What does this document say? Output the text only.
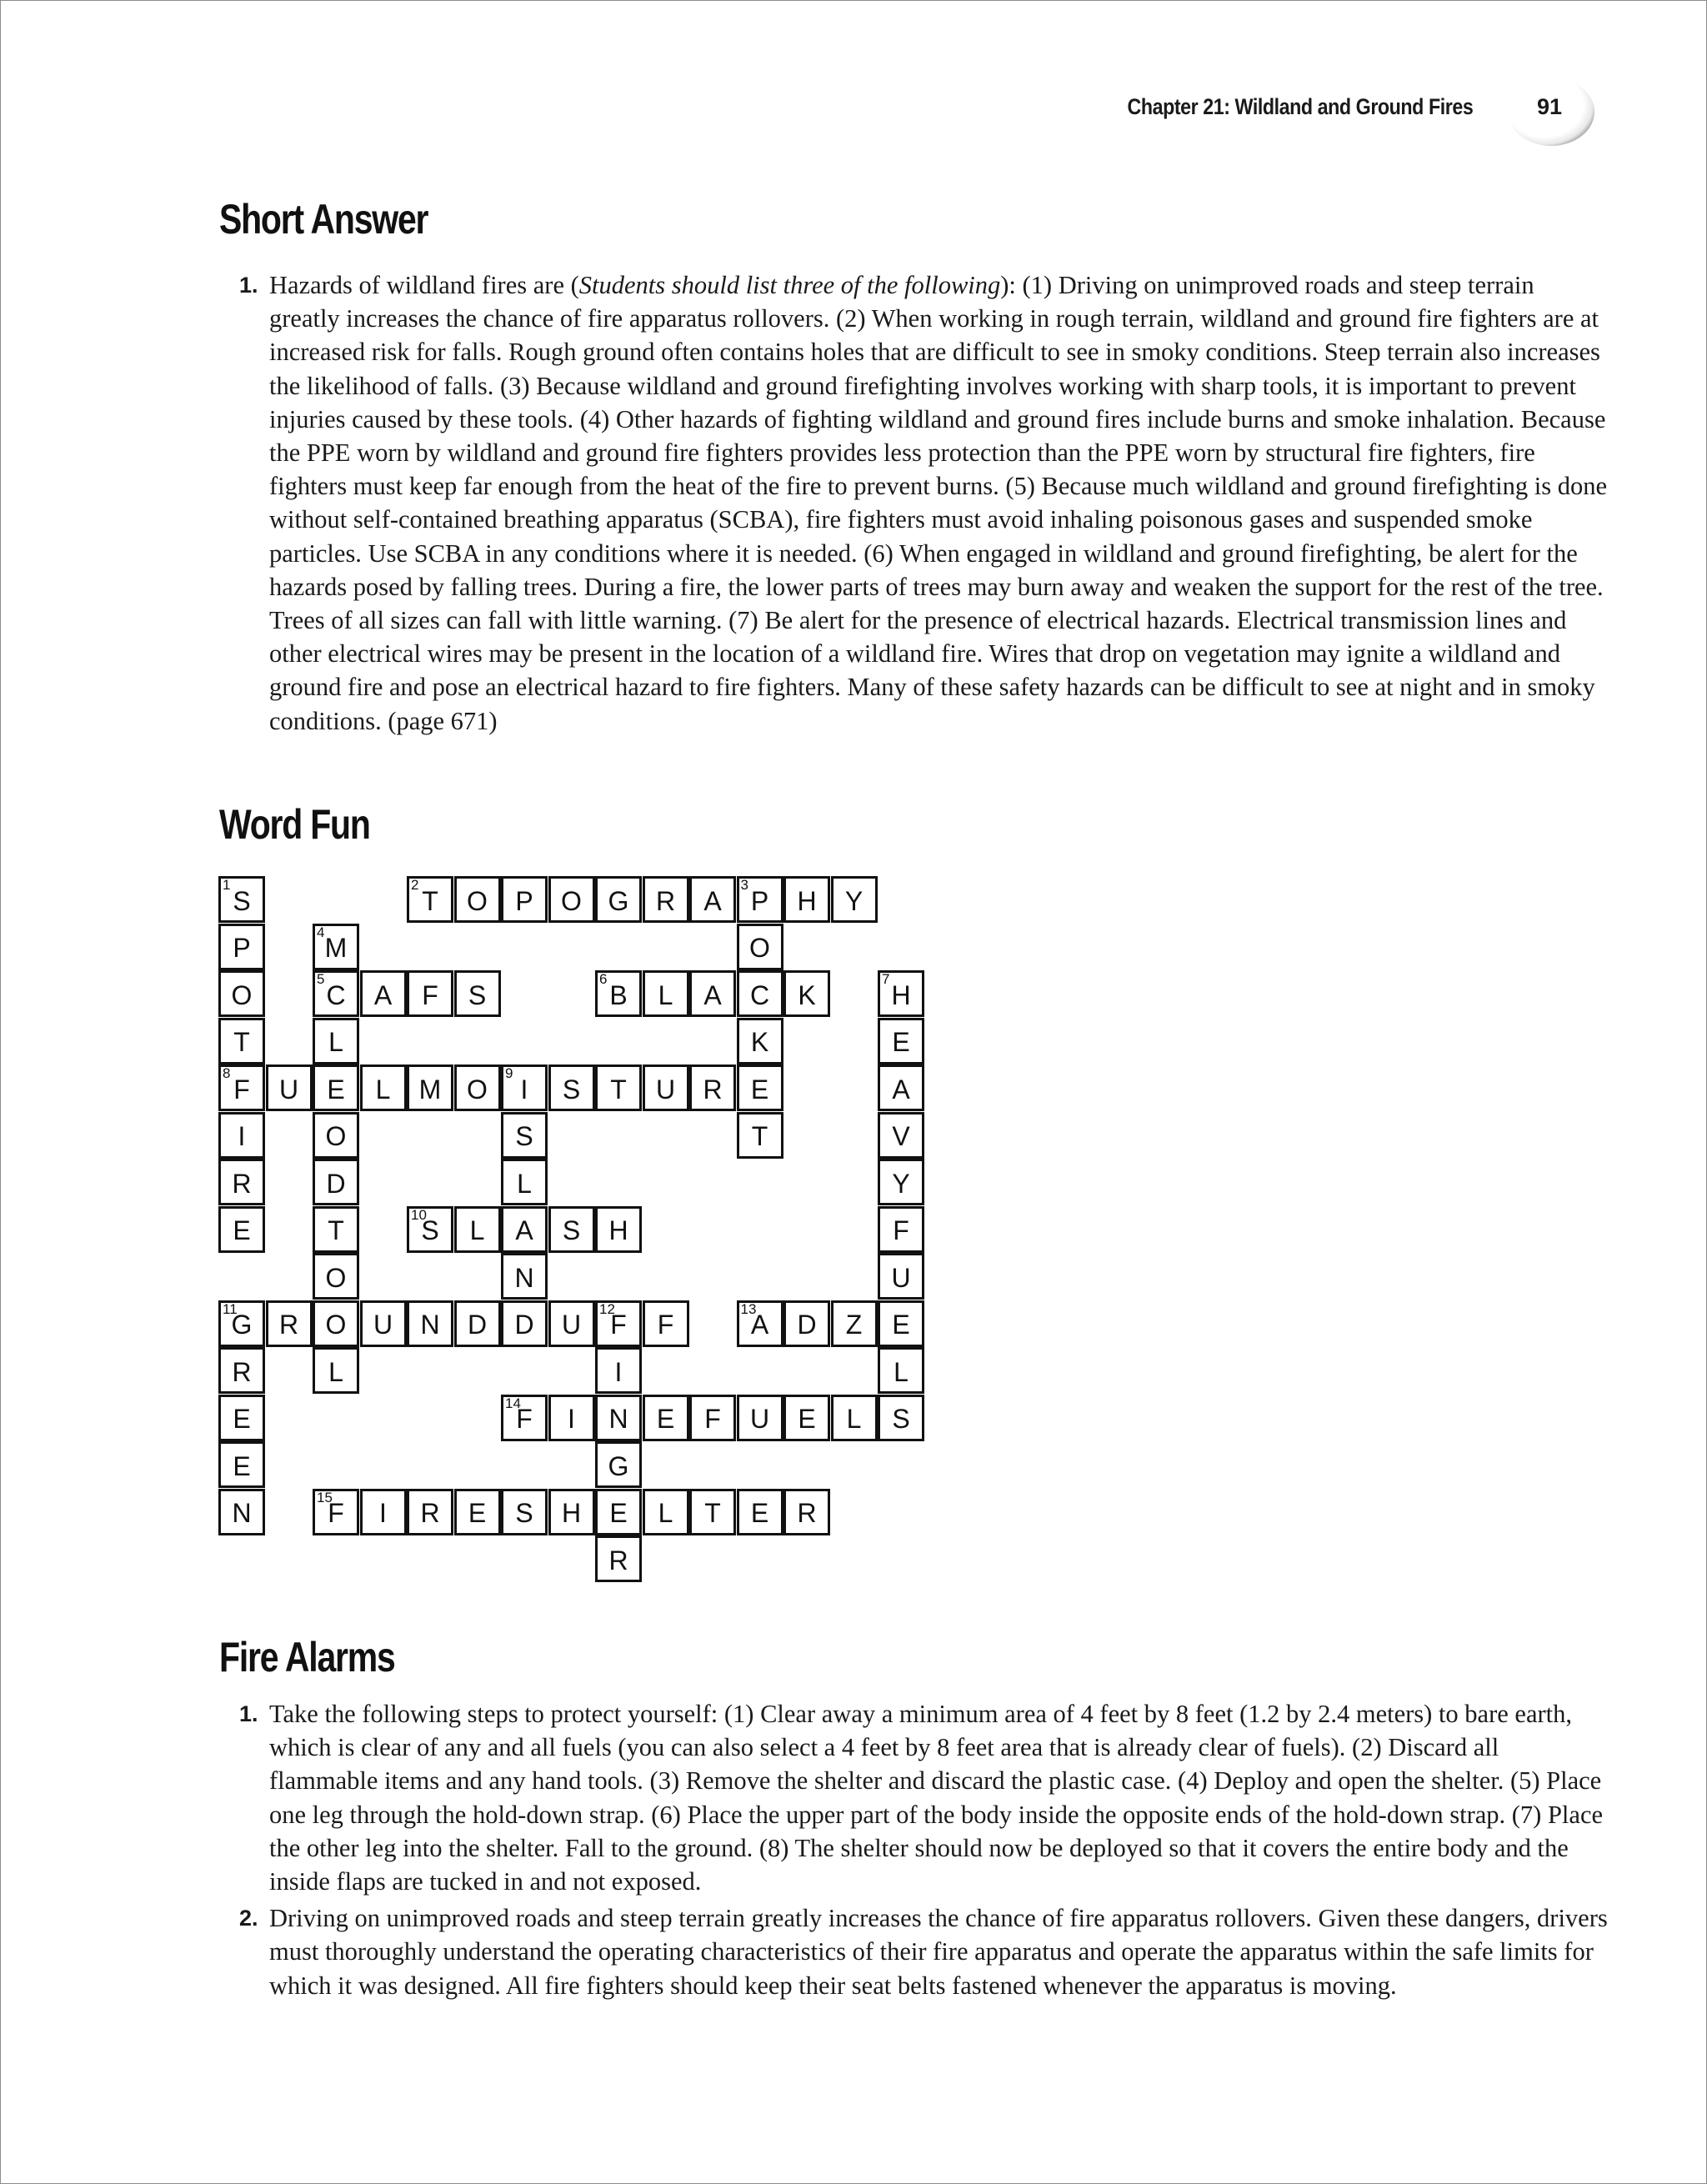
Chapter 21: Wildland and Ground Fires	91
Short Answer
1. Hazards of wildland fires are (Students should list three of the following): (1) Driving on unimproved roads and steep terrain greatly increases the chance of fire apparatus rollovers. (2) When working in rough terrain, wildland and ground fire fighters are at increased risk for falls. Rough ground often contains holes that are difficult to see in smoky conditions. Steep terrain also increases the likelihood of falls. (3) Because wildland and ground firefighting involves working with sharp tools, it is important to prevent injuries caused by these tools. (4) Other hazards of fighting wildland and ground fires include burns and smoke inhalation. Because the PPE worn by wildland and ground fire fighters provides less protection than the PPE worn by structural fire fighters, fire fighters must keep far enough from the heat of the fire to prevent burns. (5) Because much wildland and ground firefighting is done without self-contained breathing apparatus (SCBA), fire fighters must avoid inhaling poisonous gases and suspended smoke particles. Use SCBA in any conditions where it is needed. (6) When engaged in wildland and ground firefighting, be alert for the hazards posed by falling trees. During a fire, the lower parts of trees may burn away and weaken the support for the rest of the tree. Trees of all sizes can fall with little warning. (7) Be alert for the presence of electrical hazards. Electrical transmission lines and other electrical wires may be present in the location of a wildland fire. Wires that drop on vegetation may ignite a wildland and ground fire and pose an electrical hazard to fire fighters. Many of these safety hazards can be difficult to see at night and in smoky conditions. (page 671)
Word Fun
1
S
2
T O P O G R A
3
P H Y
P
4
M	O
O
5
C A F S
6
B L A C K
7
H
T	L	K	E
8
F U E L M O
9
I S T U R E	A
I	O	S	T	V
R	D	L	Y
E	T
10
S L A S H	F
O	N	U
11
G R O U N D D U
12
F F
13
A D Z E
R	L	I	L
E
14
F I N E F U E L S
E	G
N
15
F I R E S H E L T E R
R
Fire Alarms
1. Take the following steps to protect yourself: (1) Clear away a minimum area of 4 feet by 8 feet (1.2 by 2.4 meters) to bare earth, which is clear of any and all fuels (you can also select a 4 feet by 8 feet area that is already clear of fuels). (2) Discard all flammable items and any hand tools. (3) Remove the shelter and discard the plastic case. (4) Deploy and open the shelter. (5) Place one leg through the hold-down strap. (6) Place the upper part of the body inside the opposite ends of the hold-down strap. (7) Place the other leg into the shelter. Fall to the ground. (8) The shelter should now be deployed so that it covers the entire body and the inside flaps are tucked in and not exposed.
2. Driving on unimproved roads and steep terrain greatly increases the chance of fire apparatus rollovers. Given these dangers, drivers must thoroughly understand the operating characteristics of their fire apparatus and operate the apparatus within the safe limits for which it was designed. All fire fighters should keep their seat belts fastened whenever the apparatus is moving.
